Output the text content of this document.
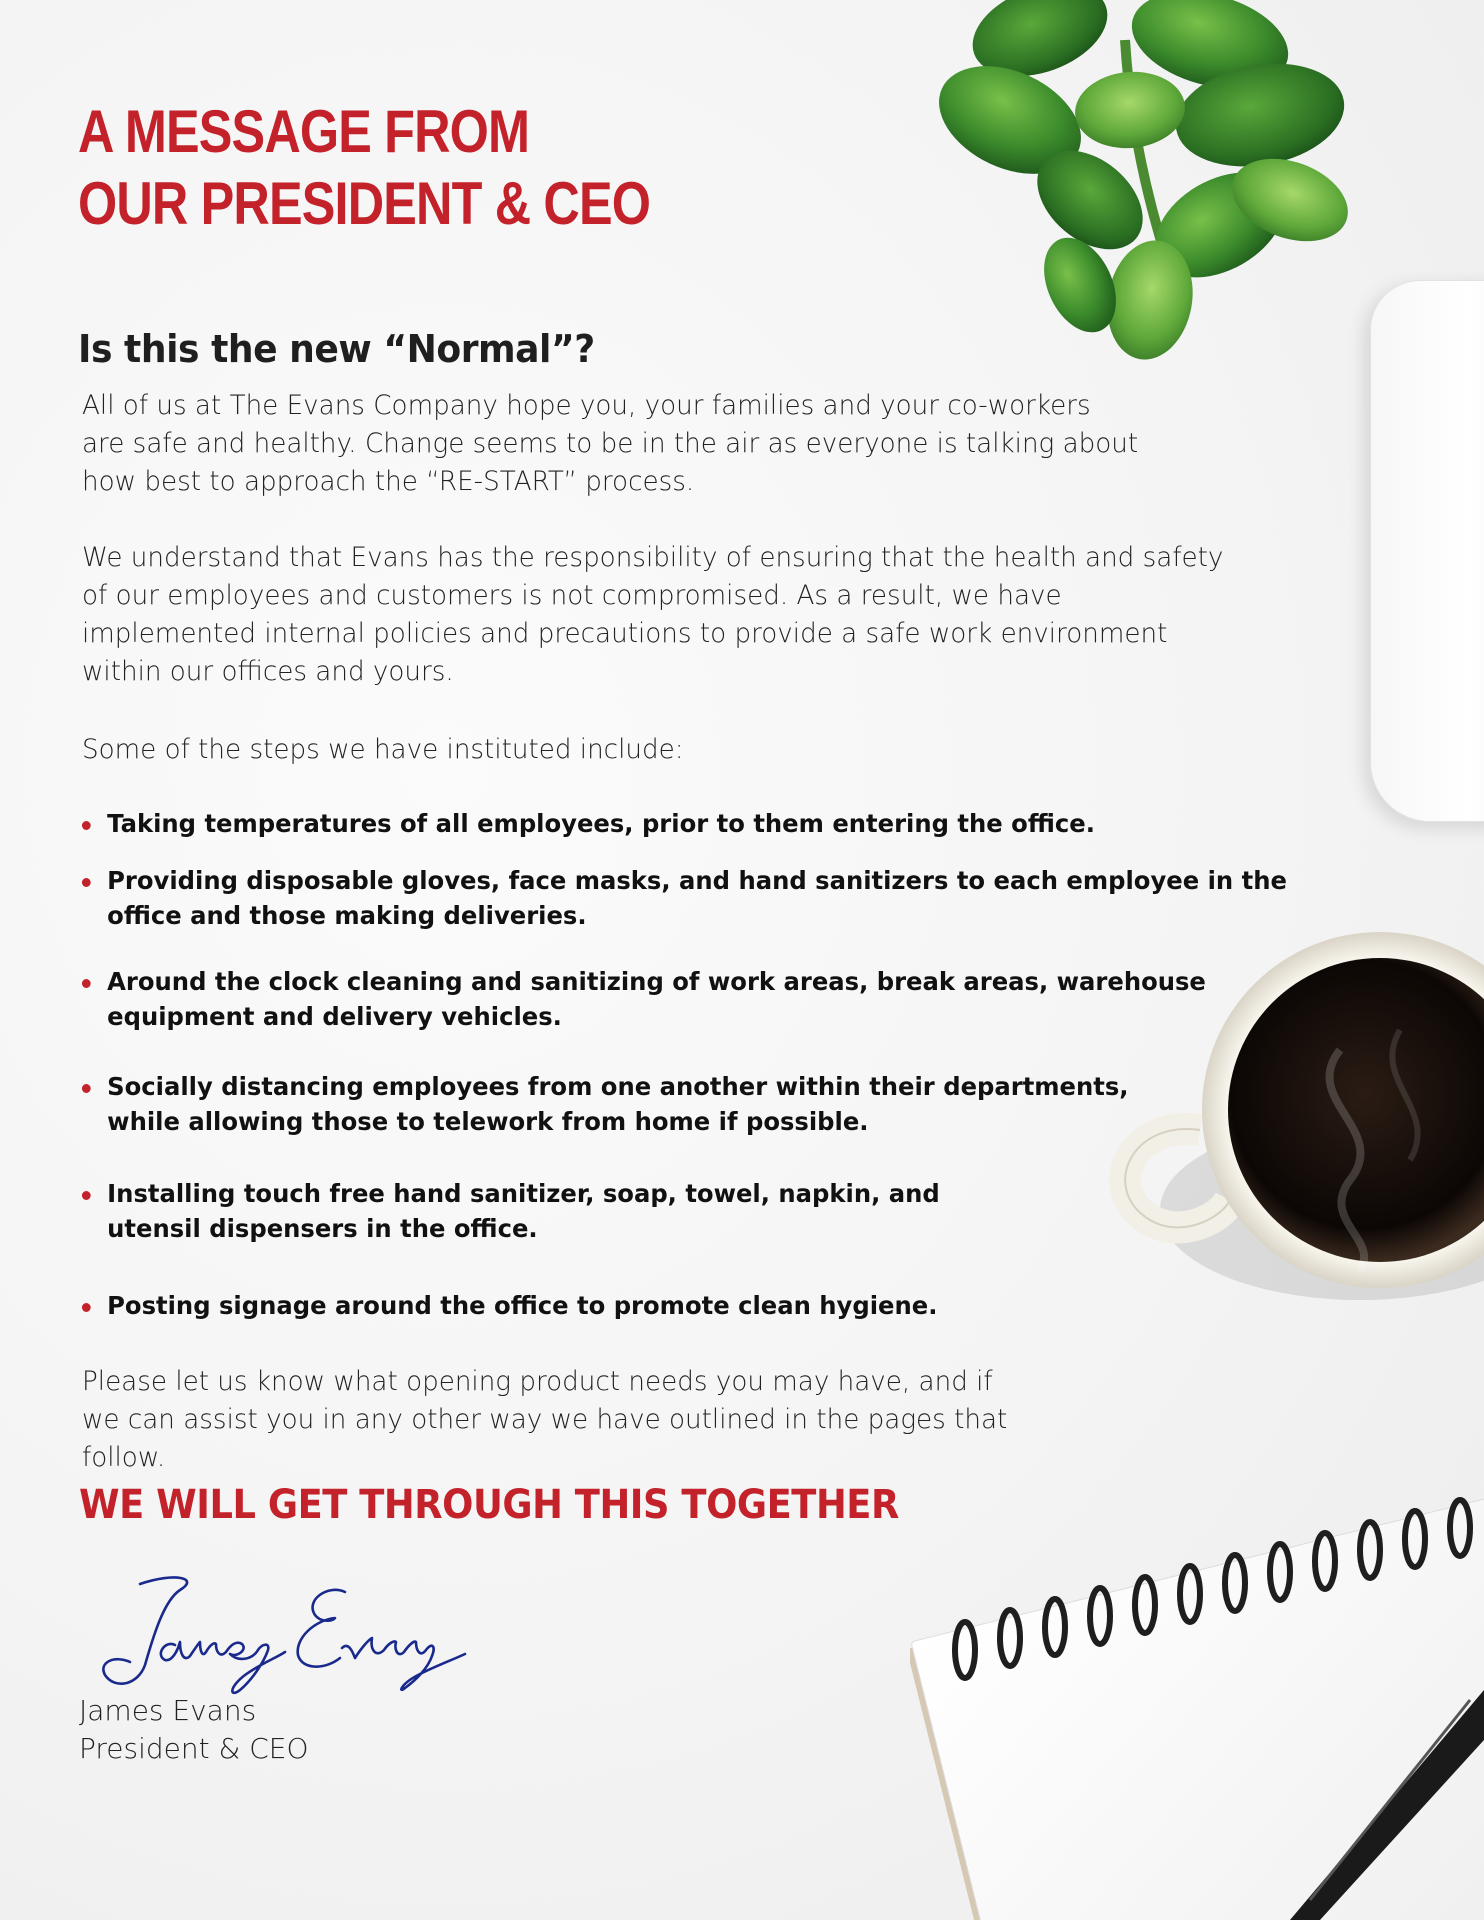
A MESSAGE FROM
OUR PRESIDENT & CEO
Is this the new “Normal”?

All of us at The Evans Company hope you, your families and your co-workers
are safe and healthy. Change seems to be in the air as everyone is talking about
how best to approach the “RE-START” process.

We understand that Evans has the responsibility of ensuring that the health and safety
of our employees and customers is not compromised. As a result, we have
implemented internal policies and precautions to provide a safe work environment
within our offices and yours.

Some of the steps we have instituted include:

Taking temperatures of all employees, prior to them entering the office.
Providing disposable gloves, face masks, and hand sanitizers to each employee in the
office and those making deliveries.
Around the clock cleaning and sanitizing of work areas, break areas, warehouse
equipment and delivery vehicles.
Socially distancing employees from one another within their departments,
while allowing those to telework from home if possible.
Installing touch free hand sanitizer, soap, towel, napkin, and
utensil dispensers in the office.
Posting signage around the office to promote clean hygiene.

Please let us know what opening product needs you may have, and if
we can assist you in any other way we have outlined in the pages that
follow.

WE WILL GET THROUGH THIS TOGETHER

James Evans
President & CEO
